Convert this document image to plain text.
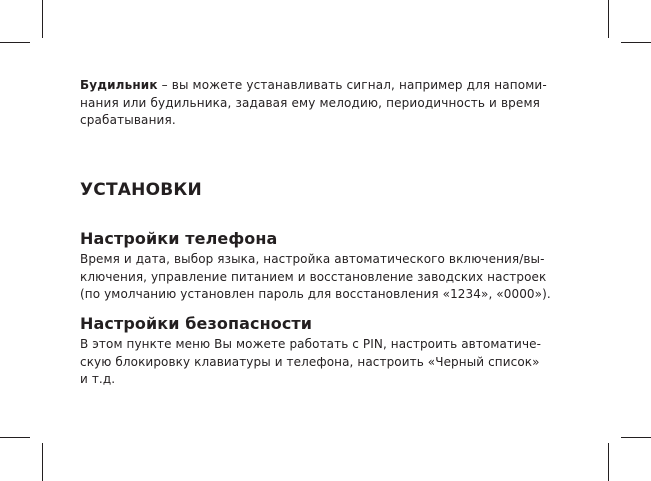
Будильник – вы можете устанавливать сигнал, например для напоми-
нания или будильника, задавая ему мелодию, периодичность и время
срабатывания.

УСТАНОВКИ
Настройки телефона

Время и дата, выбор языка, настройка автоматического включения/вы-
ключения, управление питанием и восстановление заводских настроек
(по умолчанию установлен пароль для восстановления «1234», «0000»).

Настройки безопасности

В этом пункте меню Вы можете работать с PIN, настроить автоматиче-
скую блокировку клавиатуры и телефона, настроить «Черный список»
и т.д.
